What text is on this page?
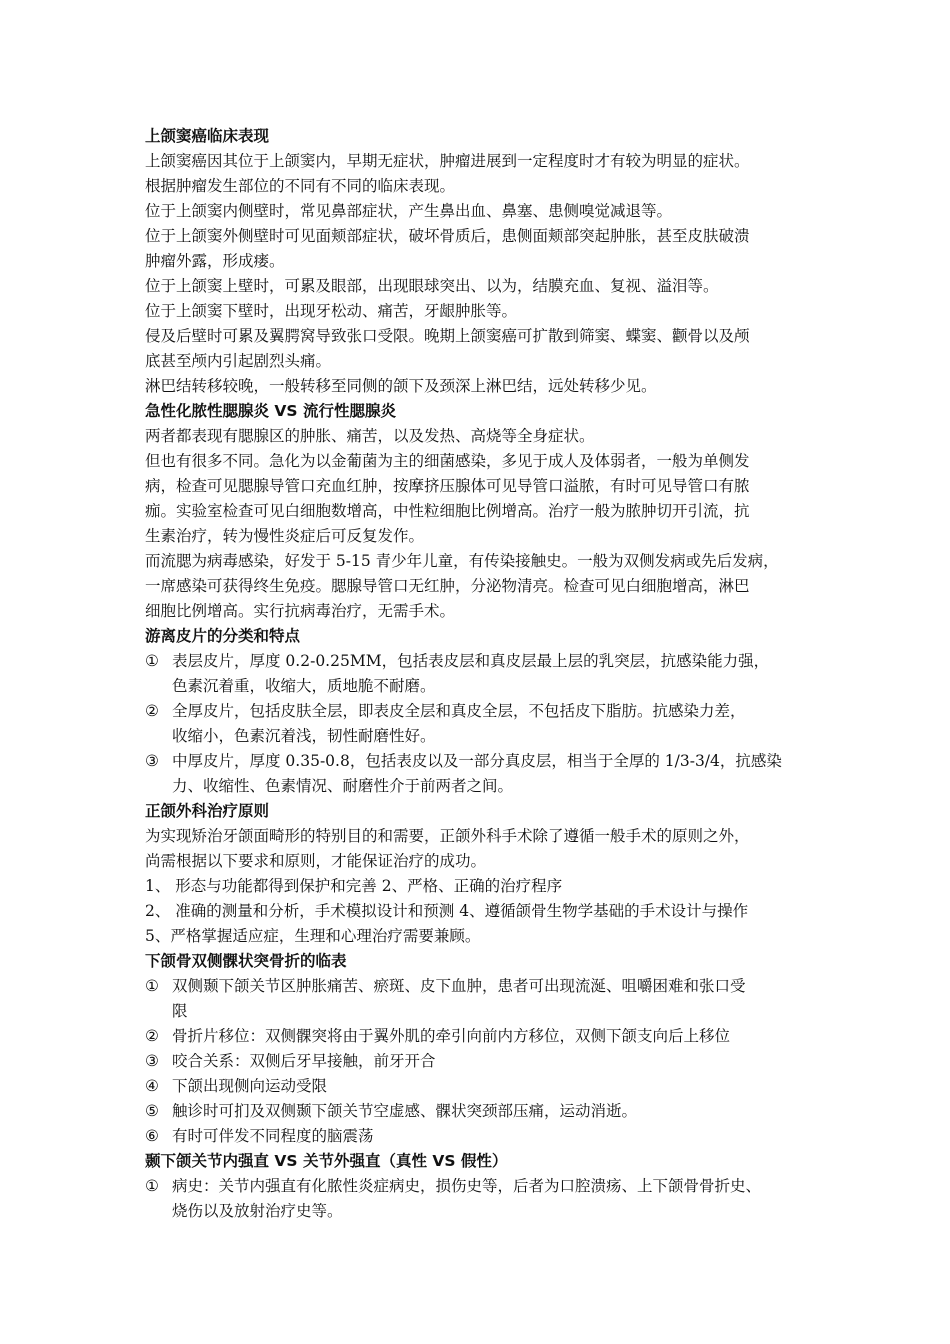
上颌窦癌临床表现
上颌窦癌因其位于上颌窦内，早期无症状，肿瘤进展到一定程度时才有较为明显的症状。
根据肿瘤发生部位的不同有不同的临床表现。
位于上颌窦内侧壁时，常见鼻部症状，产生鼻出血、鼻塞、患侧嗅觉减退等。
位于上颌窦外侧壁时可见面颊部症状，破坏骨质后，患侧面颊部突起肿胀，甚至皮肤破溃
肿瘤外露，形成瘘。
位于上颌窦上壁时，可累及眼部，出现眼球突出、以为，结膜充血、复视、溢泪等。
位于上颌窦下壁时，出现牙松动、痛苦，牙龈肿胀等。
侵及后壁时可累及翼腭窝导致张口受限。晚期上颌窦癌可扩散到筛窦、蝶窦、颧骨以及颅
底甚至颅内引起剧烈头痛。
淋巴结转移较晚，一般转移至同侧的颌下及颈深上淋巴结，远处转移少见。
急性化脓性腮腺炎 VS 流行性腮腺炎
两者都表现有腮腺区的肿胀、痛苦，以及发热、高烧等全身症状。
但也有很多不同。急化为以金葡菌为主的细菌感染，多见于成人及体弱者，一般为单侧发
病，检查可见腮腺导管口充血红肿，按摩挤压腺体可见导管口溢脓，有时可见导管口有脓
痂。实验室检查可见白细胞数增高，中性粒细胞比例增高。治疗一般为脓肿切开引流，抗
生素治疗，转为慢性炎症后可反复发作。
而流腮为病毒感染，好发于 5-15 青少年儿童，有传染接触史。一般为双侧发病或先后发病，
一席感染可获得终生免疫。腮腺导管口无红肿，分泌物清亮。检查可见白细胞增高，淋巴
细胞比例增高。实行抗病毒治疗，无需手术。
游离皮片的分类和特点
① 表层皮片，厚度 0.2-0.25MM，包括表皮层和真皮层最上层的乳突层，抗感染能力强，
色素沉着重，收缩大，质地脆不耐磨。
② 全厚皮片，包括皮肤全层，即表皮全层和真皮全层，不包括皮下脂肪。抗感染力差，
收缩小，色素沉着浅，韧性耐磨性好。
③ 中厚皮片，厚度 0.35-0.8，包括表皮以及一部分真皮层，相当于全厚的 1/3-3/4，抗感染
力、收缩性、色素情况、耐磨性介于前两者之间。
正颌外科治疗原则
为实现矫治牙颌面畸形的特别目的和需要，正颌外科手术除了遵循一般手术的原则之外，
尚需根据以下要求和原则，才能保证治疗的成功。
1、 形态与功能都得到保护和完善 2、严格、正确的治疗程序
2、 准确的测量和分析，手术模拟设计和预测 4、遵循颌骨生物学基础的手术设计与操作
5、严格掌握适应症，生理和心理治疗需要兼顾。
下颌骨双侧髁状突骨折的临表
① 双侧颞下颌关节区肿胀痛苦、瘀斑、皮下血肿，患者可出现流涎、咀嚼困难和张口受
限
② 骨折片移位：双侧髁突将由于翼外肌的牵引向前内方移位，双侧下颌支向后上移位
③ 咬合关系：双侧后牙早接触，前牙开合
④ 下颌出现侧向运动受限
⑤ 触诊时可扪及双侧颞下颌关节空虚感、髁状突颈部压痛，运动消逝。
⑥ 有时可伴发不同程度的脑震荡
颞下颌关节内强直 VS 关节外强直（真性 VS 假性）
① 病史：关节内强直有化脓性炎症病史，损伤史等，后者为口腔溃疡、上下颌骨骨折史、
烧伤以及放射治疗史等。
